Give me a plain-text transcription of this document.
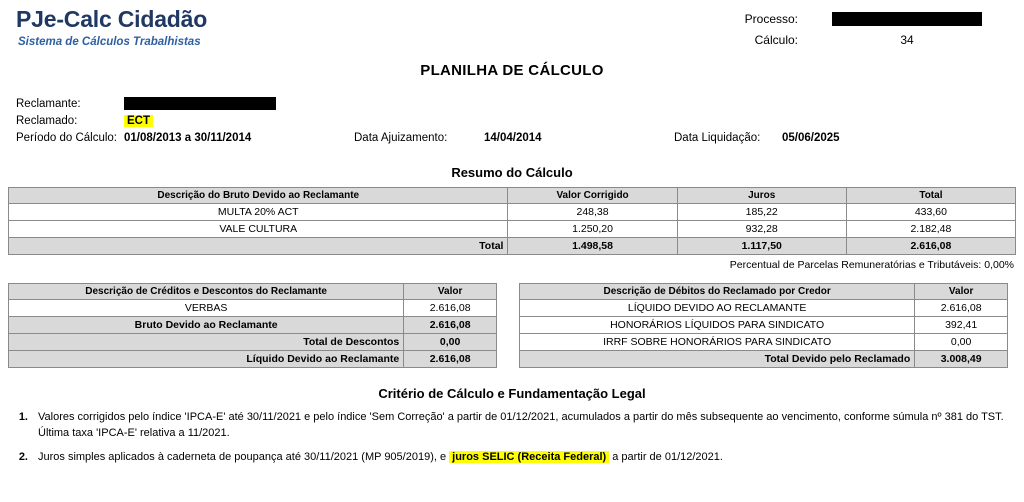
PJe-Calc Cidadão
Sistema de Cálculos Trabalhistas
Processo:
Cálculo:	34
PLANILHA DE CÁLCULO
Reclamante:
Reclamado:	ECT
Período do Cálculo: 01/08/2013 a 30/11/2014	Data Ajuizamento:	14/04/2014	Data Liquidação:	05/06/2025
Resumo do Cálculo
Descrição do Bruto Devido ao Reclamante	Valor Corrigido	Juros	Total
MULTA 20% ACT	248,38	185,22	433,60
VALE CULTURA	1.250,20	932,28	2.182,48
Total	1.498,58	1.117,50	2.616,08
Percentual de Parcelas Remuneratórias e Tributáveis: 0,00%
Descrição de Créditos e Descontos do Reclamante	Valor
VERBAS	2.616,08
Bruto Devido ao Reclamante	2.616,08
Total de Descontos	0,00
Líquido Devido ao Reclamante	2.616,08
Descrição de Débitos do Reclamado por Credor	Valor
LÍQUIDO DEVIDO AO RECLAMANTE	2.616,08
HONORÁRIOS LÍQUIDOS PARA SINDICATO	392,41
IRRF SOBRE HONORÁRIOS PARA SINDICATO	0,00
Total Devido pelo Reclamado	3.008,49
Critério de Cálculo e Fundamentação Legal
1. Valores corrigidos pelo índice 'IPCA-E' até 30/11/2021 e pelo índice 'Sem Correção' a partir de 01/12/2021, acumulados a partir do mês subsequente ao vencimento, conforme súmula nº 381 do TST. Última taxa 'IPCA-E' relativa a 11/2021.
2. Juros simples aplicados à caderneta de poupança até 30/11/2021 (MP 905/2019), e juros SELIC (Receita Federal) a partir de 01/12/2021.
